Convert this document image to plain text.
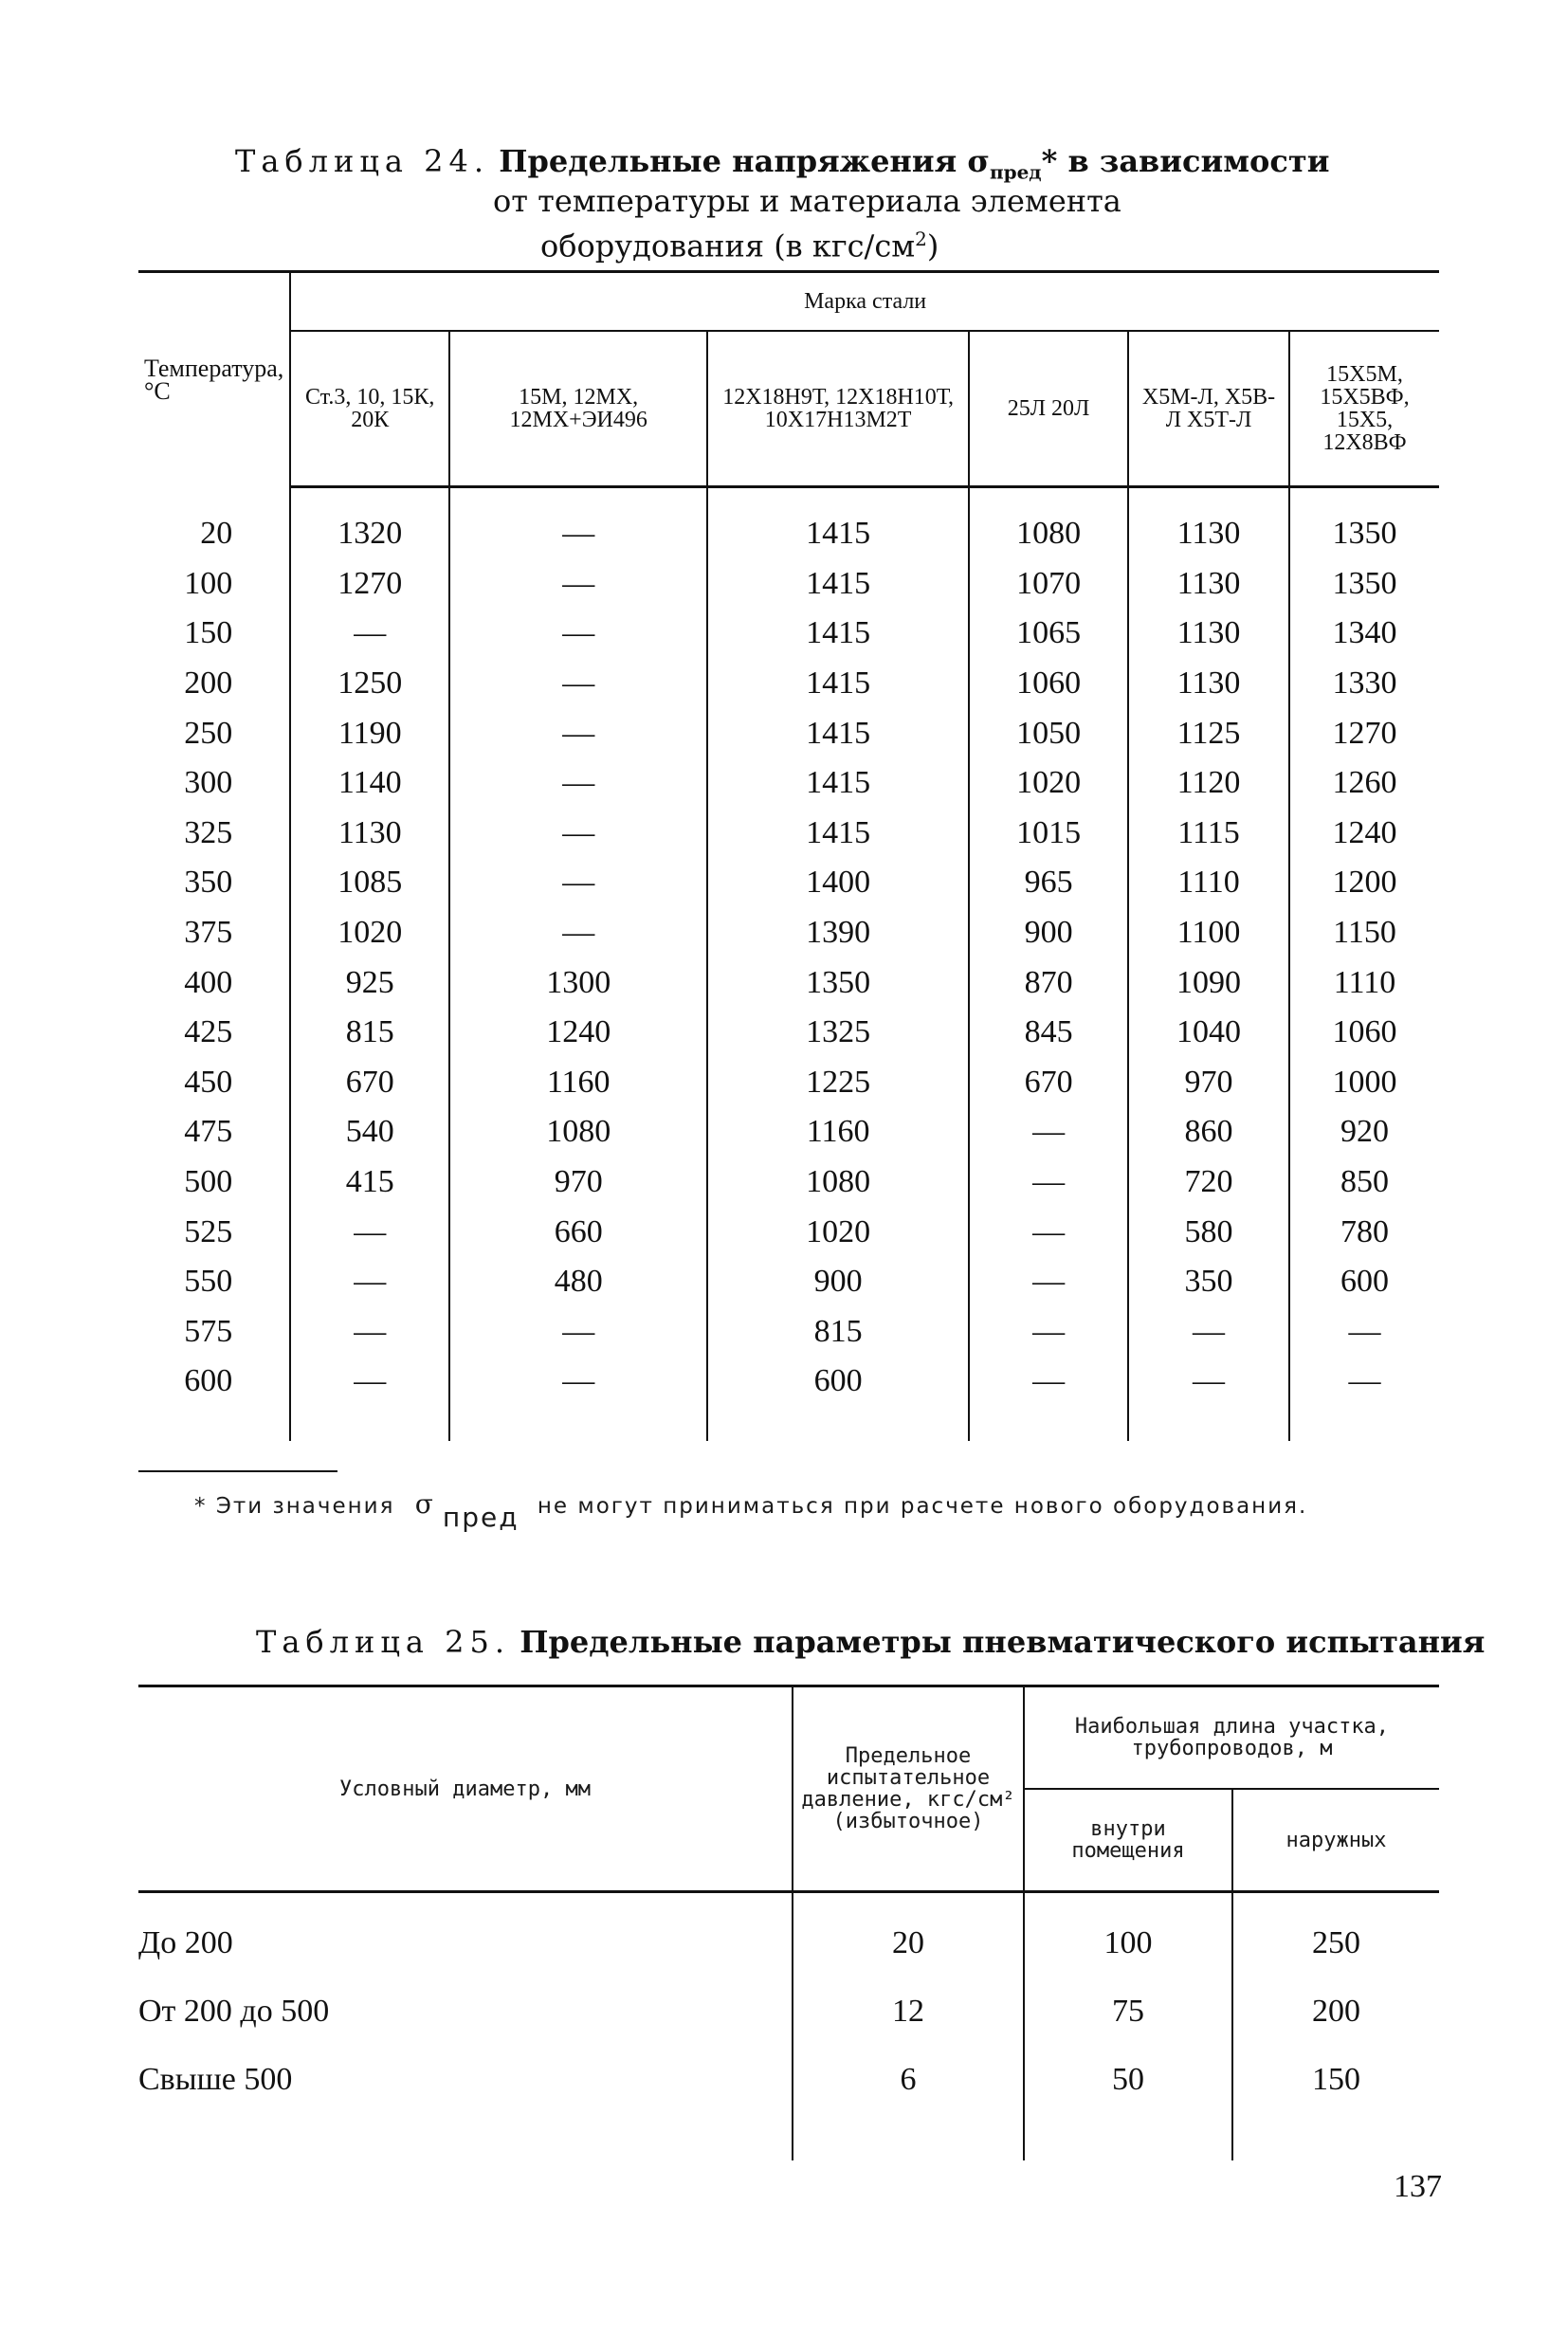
Таблица 24. Предельные напряжения $\sigma_{пред}*$ в зависимости
от температуры и материала элемента
оборудования (в кгс/$см^2$)
Температура, °С	Марка стали					
	Ст.3, 10, 15К, 20К	15М, 12МХ, 12МХ+ЭИ496	12Х18Н9Т, 12Х18Н10Т, 10Х17Н13М2Т	25Л 20Л	Х5М-Л, Х5В-Л Х5Т-Л	15Х5М, 15Х5ВФ, 15Х5, 12Х8ВФ
20	1320	—	1415	1080	1130	1350
100	1270	—	1415	1070	1130	1350
150	—	—	1415	1065	1130	1340
200	1250	—	1415	1060	1130	1330
250	1190	—	1415	1050	1125	1270
300	1140	—	1415	1020	1120	1260
325	1130	—	1415	1015	1115	1240
350	1085	—	1400	965	1110	1200
375	1020	—	1390	900	1100	1150
400	925	1300	1350	870	1090	1110
425	815	1240	1325	845	1040	1060
450	670	1160	1225	670	970	1000
475	540	1080	1160	—	860	920
500	415	970	1080	—	720	850
525	—	660	1020	—	580	780
550	—	480	900	—	350	600
575	—	—	815	—	—	—
600	—	—	600	—	—	—
* Эти значения σ пред не могут приниматься при расчете нового оборудования.
Таблица 25. Предельные параметры пневматического испытания
Условный диаметр, мм	Предельное испытательное давление, кгс/см² (избыточное)	Наибольшая длина участка, трубопроводов, м	
		внутри помещения	наружных
До 200	20	100	250
От 200 до 500	12	75	200
Свыше 500	6	50	150
137
